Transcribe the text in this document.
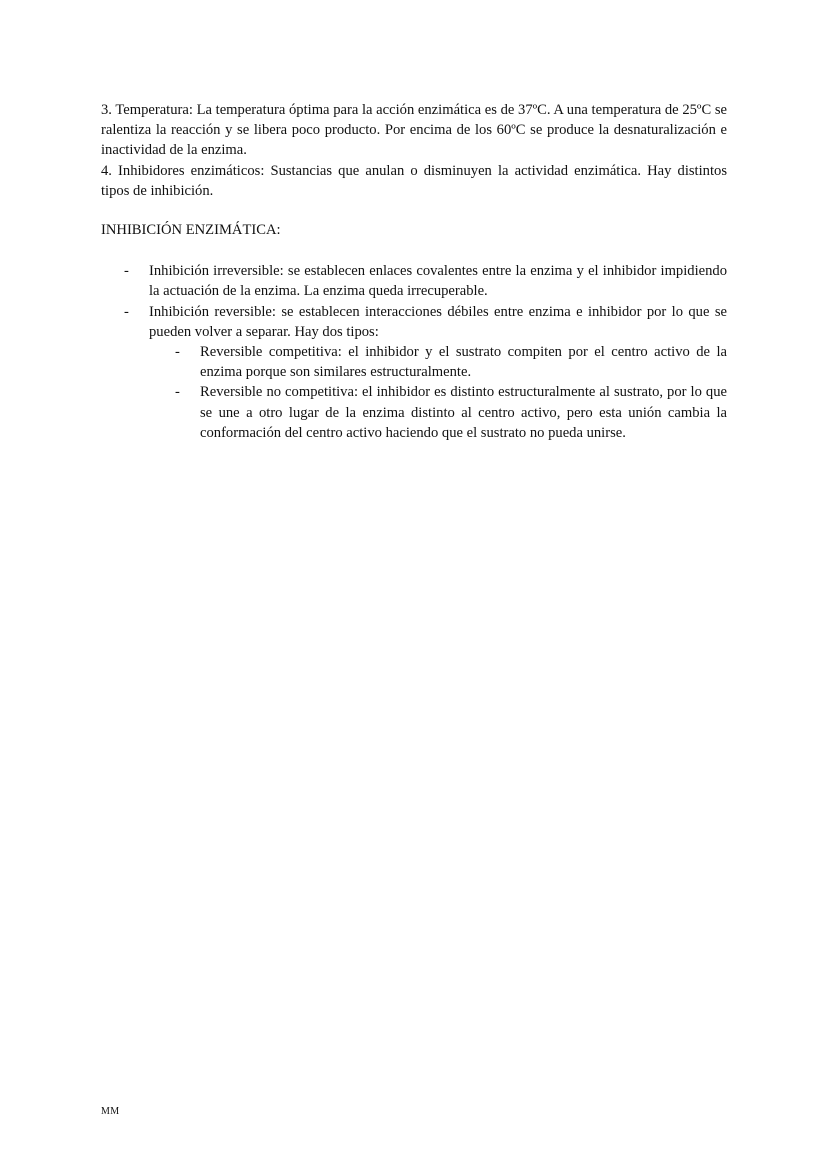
3. Temperatura: La temperatura óptima para la acción enzimática es de 37ºC. A una temperatura de 25ºC se ralentiza la reacción y se libera poco producto. Por encima de los 60ºC se produce la desnaturalización e inactividad de la enzima.

4. Inhibidores enzimáticos: Sustancias que anulan o disminuyen la actividad enzimática. Hay distintos tipos de inhibición.

INHIBICIÓN ENZIMÁTICA:

- Inhibición irreversible: se establecen enlaces covalentes entre la enzima y el inhibidor impidiendo la actuación de la enzima. La enzima queda irrecuperable.
- Inhibición reversible: se establecen interacciones débiles entre enzima e inhibidor por lo que se pueden volver a separar. Hay dos tipos:
- Reversible competitiva: el inhibidor y el sustrato compiten por el centro activo de la enzima porque son similares estructuralmente.
- Reversible no competitiva: el inhibidor es distinto estructuralmente al sustrato, por lo que se une a otro lugar de la enzima distinto al centro activo, pero esta unión cambia la conformación del centro activo haciendo que el sustrato no pueda unirse.
MM
